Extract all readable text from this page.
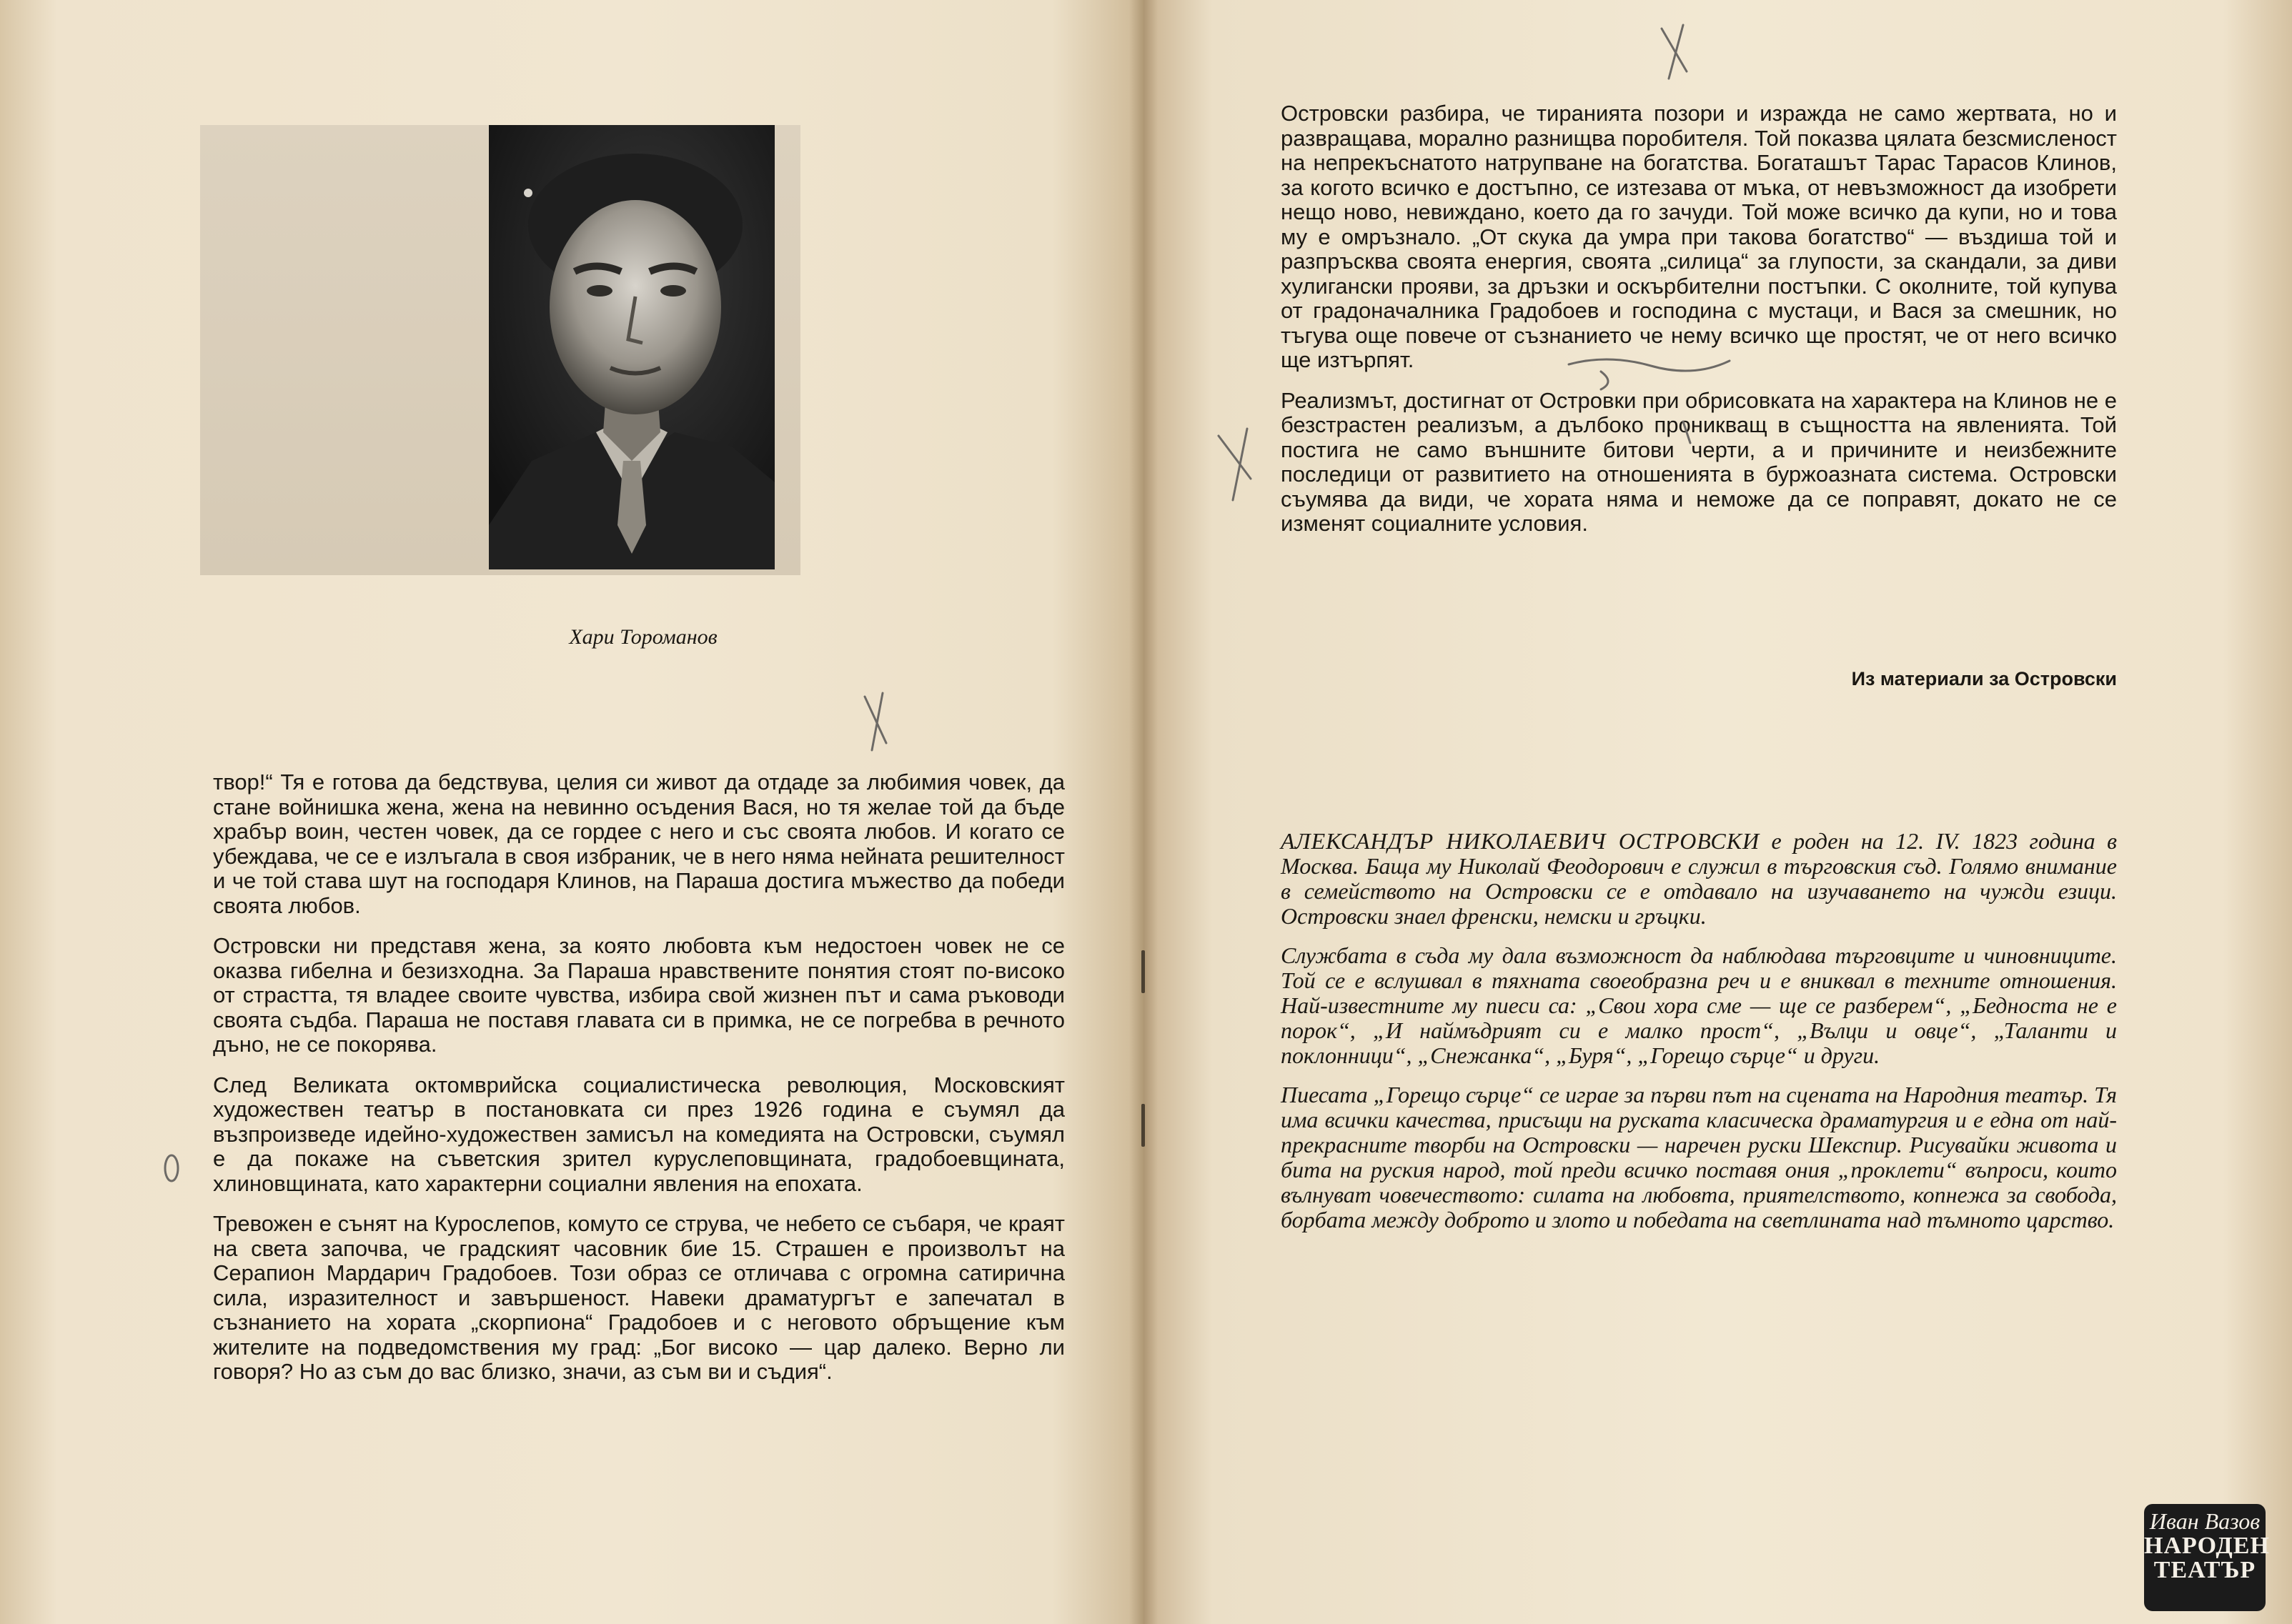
Хари Тороманов

твор!“ Тя е готова да бедствува, целия си живот да отдаде за любимия човек, да стане войнишка жена, жена на невинно осъдения Вася, но тя желае той да бъде храбър воин, честен човек, да се гордее с него и със своята любов. И когато се убеждава, че се е излъгала в своя избраник, че в него няма нейната решителност и че той става шут на господаря Клинов, на Параша достига мъжество да победи своята любов.

Островски ни представя жена, за която любовта към недостоен човек не се оказва гибелна и безизходна. За Параша нравствените понятия стоят по-високо от страстта, тя владее своите чувства, избира свой жизнен път и сама ръководи своята съдба. Параша не поставя главата си в примка, не се погребва в речното дъно, не се покорява.

След Великата октомврийска социалистическа революция, Московският художествен театър в постановката си през 1926 година е съумял да възпроизведе идейно-художествен замисъл на комедията на Островски, съумял е да покаже на съветския зрител куруслеповщината, градобоевщината, хлиновщината, като характерни социални явления на епохата.

Тревожен е сънят на Курослепов, комуто се струва, че небето се събаря, че краят на света започва, че градският часовник бие 15. Страшен е произволът на Серапион Мардарич Градобоев. Този образ се отличава с огромна сатирична сила, изразителност и завършеност. Навеки драматургът е запечатал в съзнанието на хората „скорпиона“ Градобоев и с неговото обръщение към жителите на подведомствения му град: „Бог високо — цар далеко. Верно ли говоря? Но аз съм до вас близко, значи, аз съм ви и съдия“.

Островски разбира, че тиранията позори и изражда не само жертвата, но и развращава, морално разнищва поробителя. Той показва цялата безсмисленост на непрекъснатото натрупване на богатства. Богаташът Тарас Тарасов Клинов, за когото всичко е достъпно, се изтезава от мъка, от невъзможност да изобрети нещо ново, невиждано, което да го зачуди. Той може всичко да купи, но и това му е омръзнало. „От скука да умра при такова богатство“ — въздиша той и разпръсква своята енергия, своята „силица“ за глупости, за скандали, за диви хулигански прояви, за дръзки и оскърбителни постъпки. С околните, той купува от градоначалника Градобоев и господина с мустаци, и Вася за смешник, но тъгува още повече от съзнанието че нему всичко ще простят, че от него всичко ще изтърпят.

Реализмът, достигнат от Островки при обрисовката на характера на Клинов не е безстрастен реализъм, а дълбоко проникващ в същността на явленията. Той постига не само външните битови черти, а и причините и неизбежните последици от развитието на отношенията в буржоазната система. Островски съумява да види, че хората няма и неможе да се поправят, докато не се изменят социалните условия.

Из материали за Островски

АЛЕКСАНДЪР НИКОЛАЕВИЧ ОСТРОВСКИ е роден на 12. IV. 1823 година в Москва. Баща му Николай Феодорович е служил в търговския съд. Голямо внимание в семейството на Островски се е отдавало на изучаването на чужди езици. Островски знаел френски, немски и гръцки.

Службата в съда му дала възможност да наблюдава търговците и чиновниците. Той се е вслушвал в тяхната своеобразна реч и е вниквал в техните отношения. Най-известните му пиеси са: „Свои хора сме — ще се разберем“, „Бедноста не е порок“, „И наймъдрият си е малко прост“, „Вълци и овце“, „Таланти и поклонници“, „Снежанка“, „Буря“, „Горещо сърце“ и други.

Пиесата „Горещо сърце“ се играе за първи път на сцената на Народния театър. Тя има всички качества, присъщи на руската класическа драматургия и е една от най-прекрасните творби на Островски — наречен руски Шекспир. Рисувайки живота и бита на руския народ, той преди всичко поставя ония „проклети“ въпроси, които вълнуват човечеството: силата на любовта, приятелството, копнежа за свобода, борбата между доброто и злото и победата на светлината над тъмното царство.

Иван Вазов
НАРОДЕН
ТЕАТЪР
